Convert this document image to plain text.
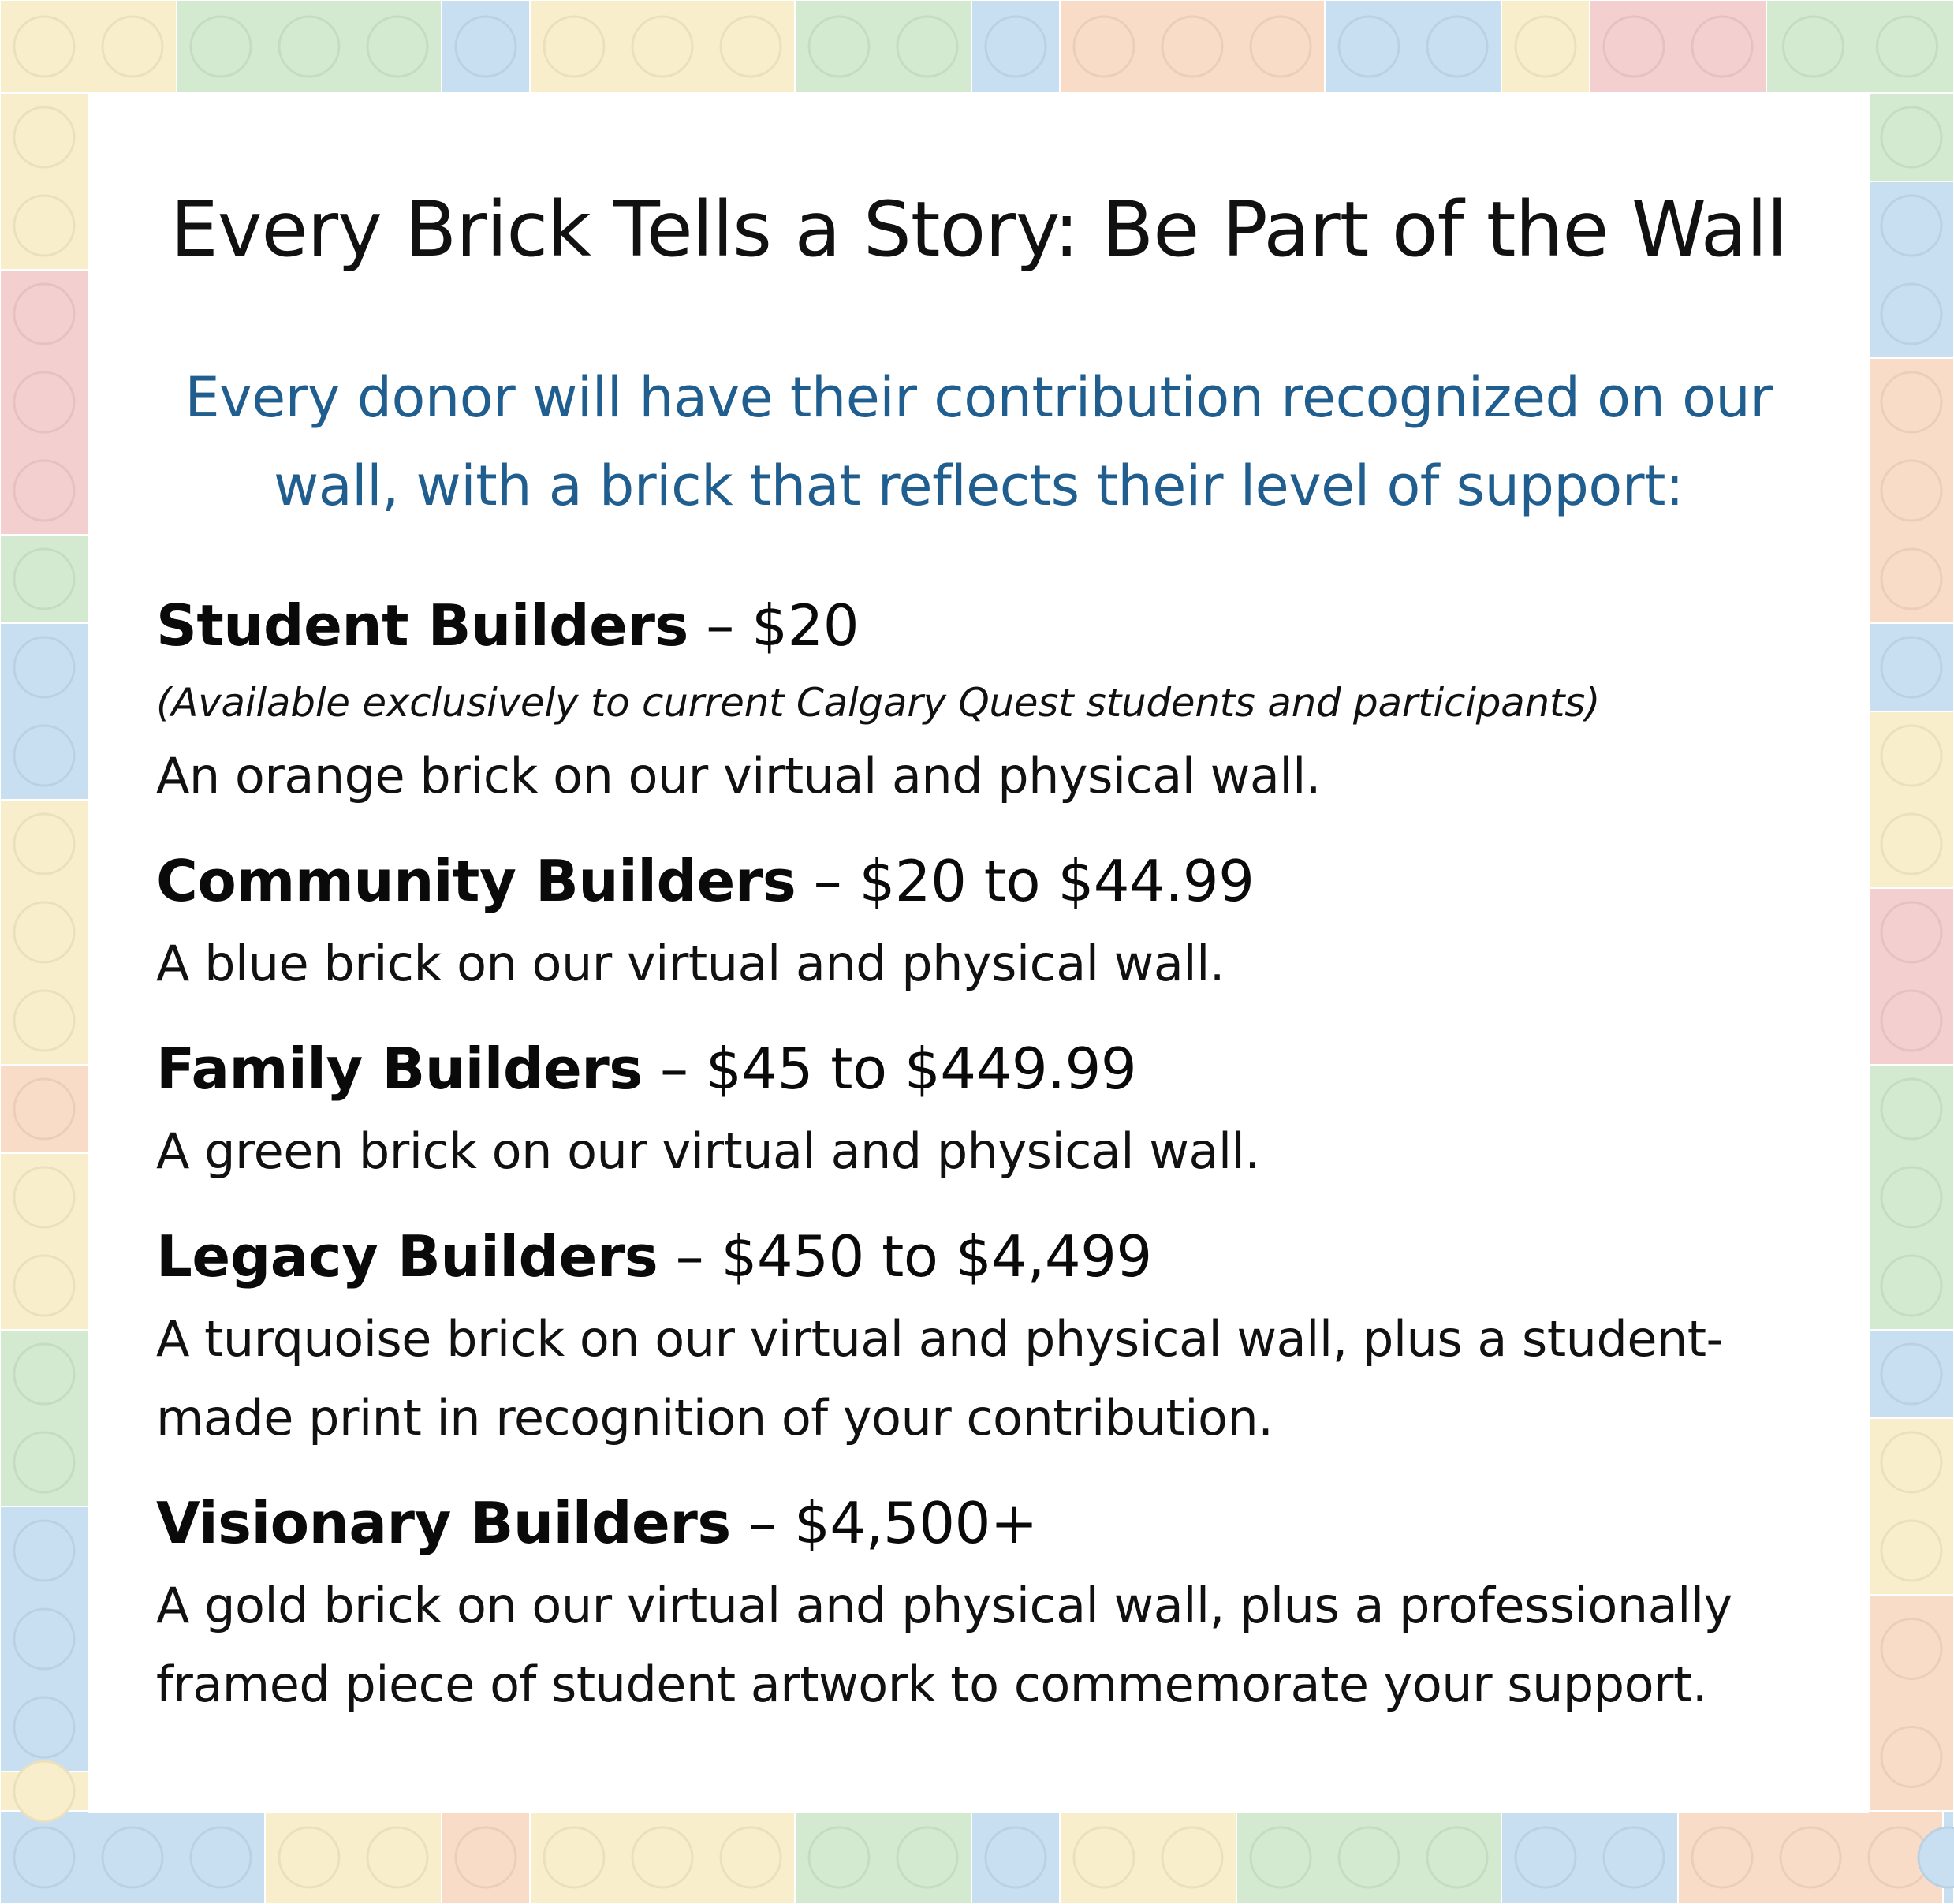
Every Brick Tells a Story: Be Part of the Wall

Every donor will have their contribution recognized on our wall, with a brick that reflects their level of support:

Student Builders – $20
(Available exclusively to current Calgary Quest students and participants)
An orange brick on our virtual and physical wall.
Community Builders – $20 to $44.99
A blue brick on our virtual and physical wall.
Family Builders – $45 to $449.99
A green brick on our virtual and physical wall.
Legacy Builders – $450 to $4,499
A turquoise brick on our virtual and physical wall, plus a student-made print in recognition of your contribution.
Visionary Builders – $4,500+
A gold brick on our virtual and physical wall, plus a professionally framed piece of student artwork to commemorate your support.
